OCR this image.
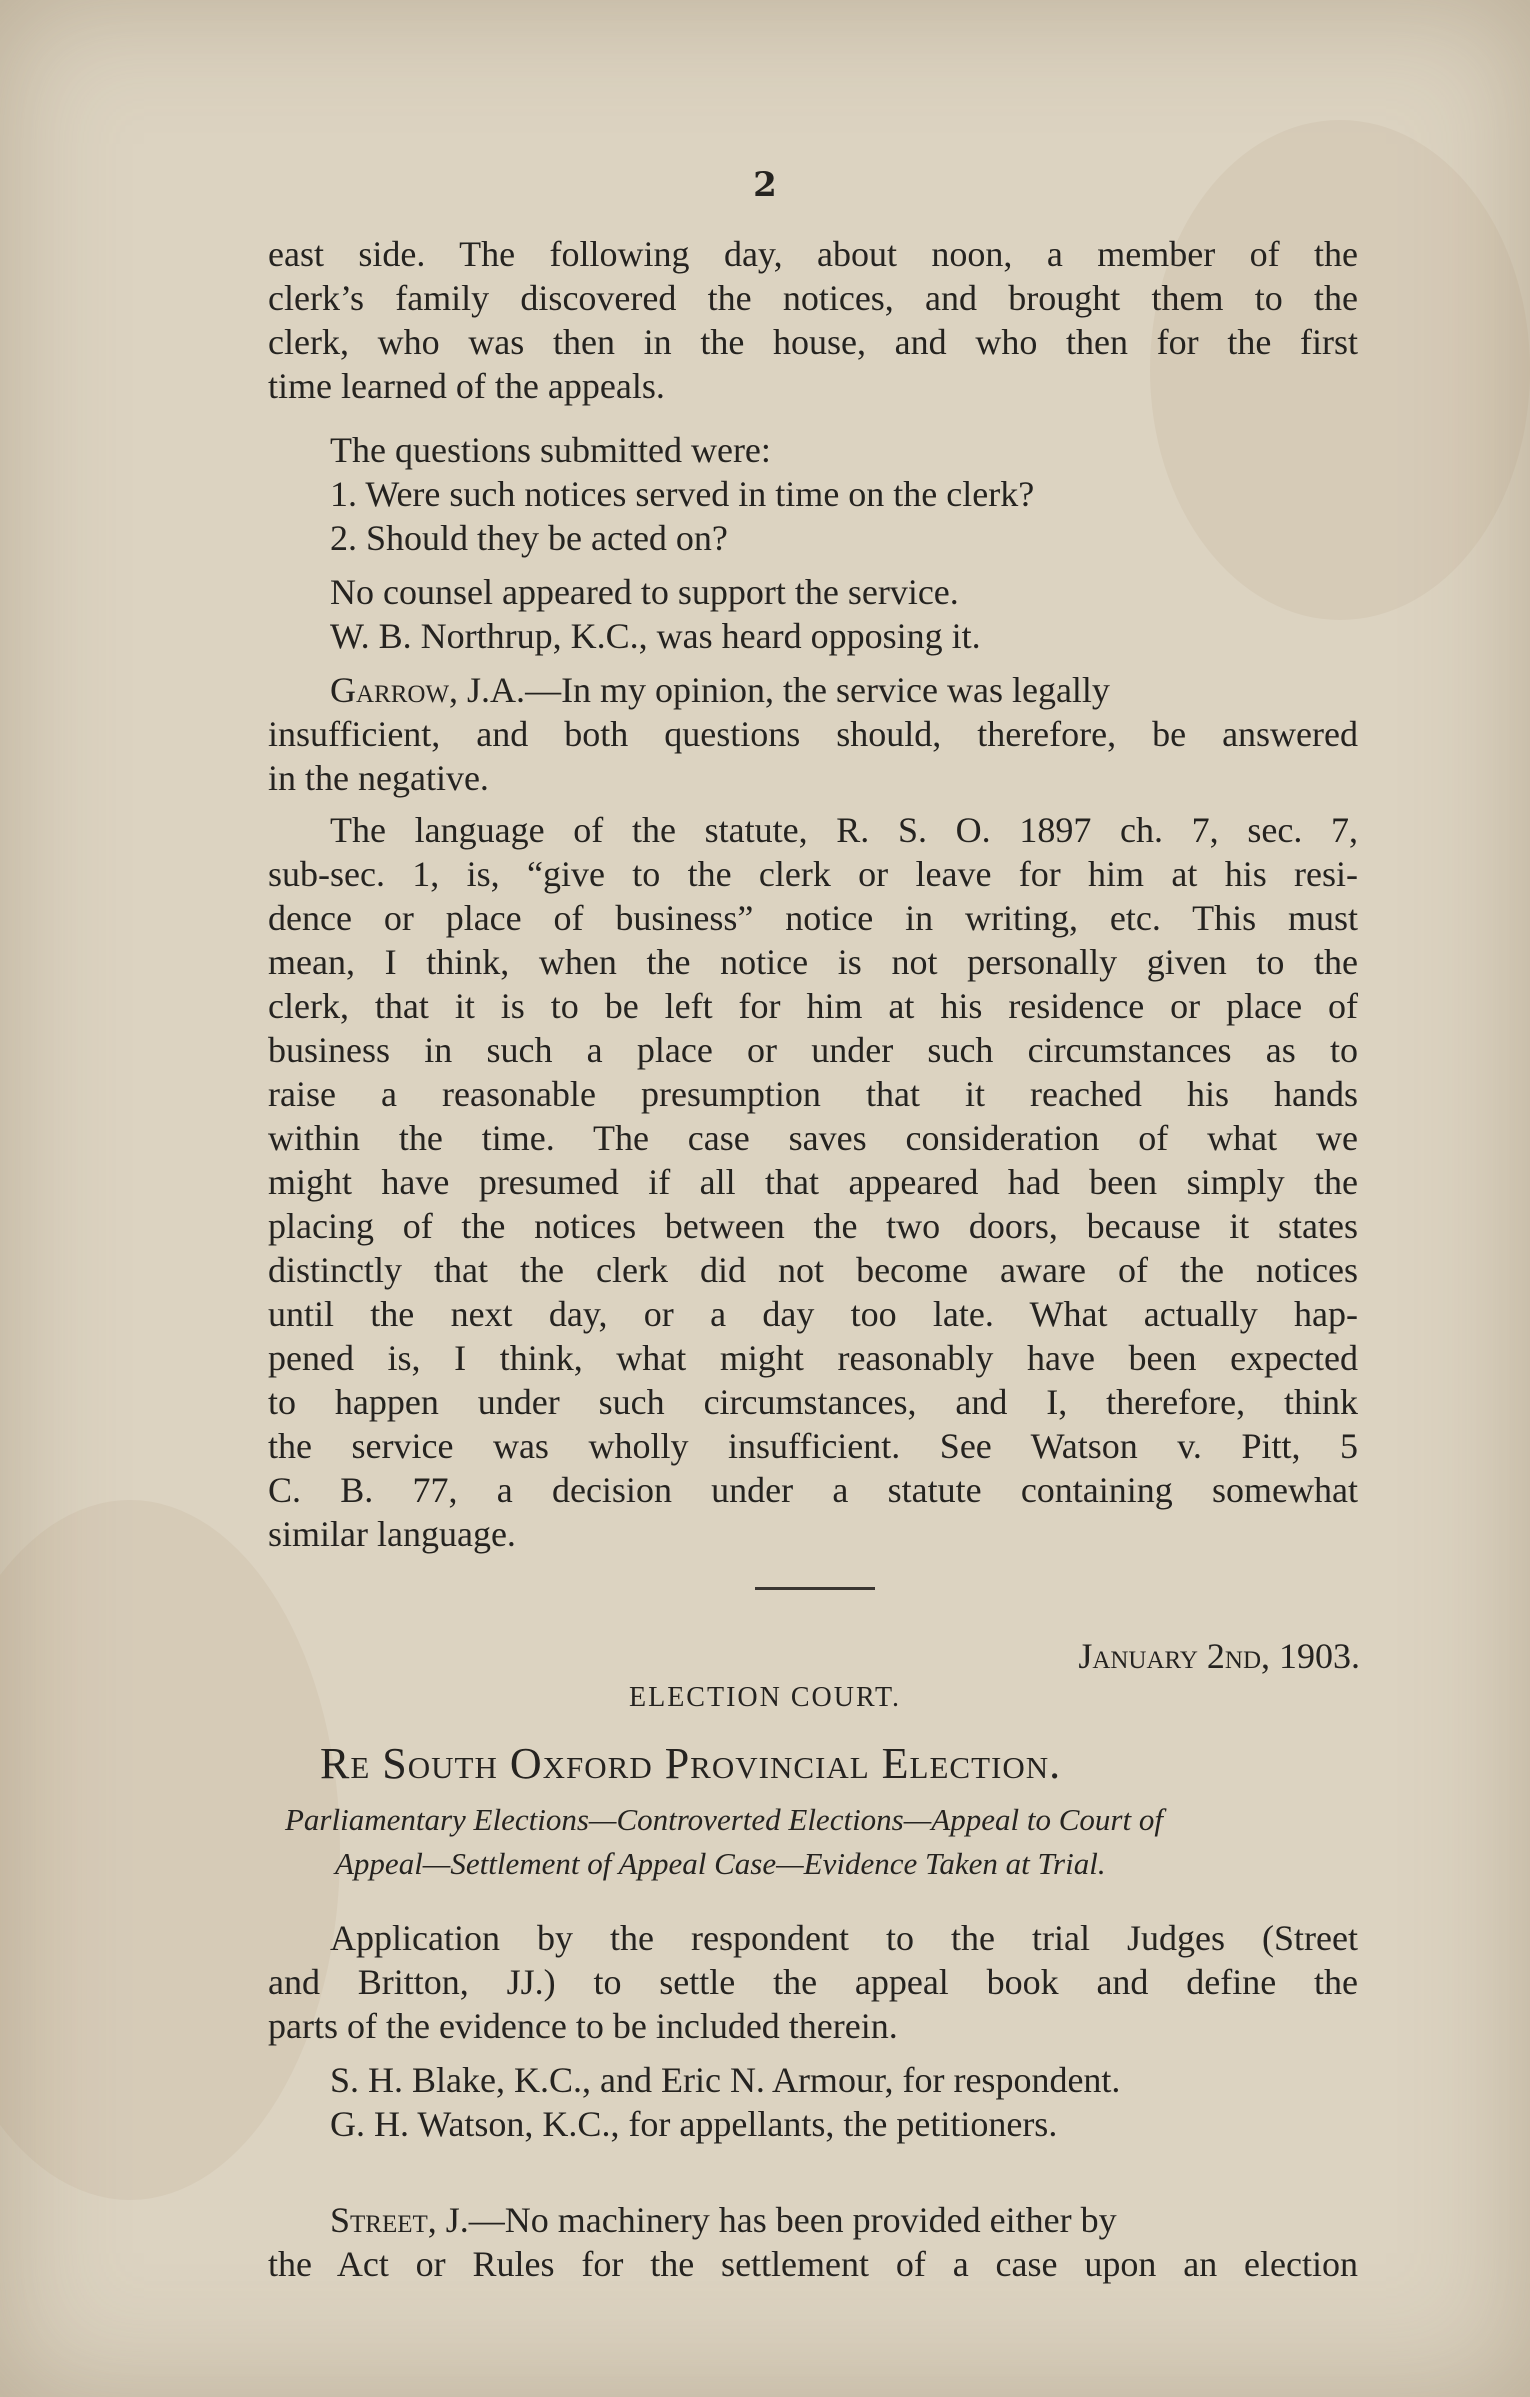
2
east side. The following day, about noon, a member of the
clerk’s family discovered the notices, and brought them to the
clerk, who was then in the house, and who then for the first
time learned of the appeals.
The questions submitted were:
1. Were such notices served in time on the clerk?
2. Should they be acted on?
No counsel appeared to support the service.
W. B. Northrup, K.C., was heard opposing it.
Garrow, J.A.—In my opinion, the service was legally
insufficient, and both questions should, therefore, be answered
in the negative.
The language of the statute, R. S. O. 1897 ch. 7, sec. 7,
sub-sec. 1, is, “give to the clerk or leave for him at his resi-
dence or place of business” notice in writing, etc. This must
mean, I think, when the notice is not personally given to the
clerk, that it is to be left for him at his residence or place of
business in such a place or under such circumstances as to
raise a reasonable presumption that it reached his hands
within the time. The case saves consideration of what we
might have presumed if all that appeared had been simply the
placing of the notices between the two doors, because it states
distinctly that the clerk did not become aware of the notices
until the next day, or a day too late. What actually hap-
pened is, I think, what might reasonably have been expected
to happen under such circumstances, and I, therefore, think
the service was wholly insufficient. See Watson v. Pitt, 5
C. B. 77, a decision under a statute containing somewhat
similar language.
January 2nd, 1903.
ELECTION COURT.
Re South Oxford Provincial Election.
Parliamentary Elections—Controverted Elections—Appeal to Court of
Appeal—Settlement of Appeal Case—Evidence Taken at Trial.
Application by the respondent to the trial Judges (Street
and Britton, JJ.) to settle the appeal book and define the
parts of the evidence to be included therein.
S. H. Blake, K.C., and Eric N. Armour, for respondent.
G. H. Watson, K.C., for appellants, the petitioners.
Street, J.—No machinery has been provided either by
the Act or Rules for the settlement of a case upon an election
